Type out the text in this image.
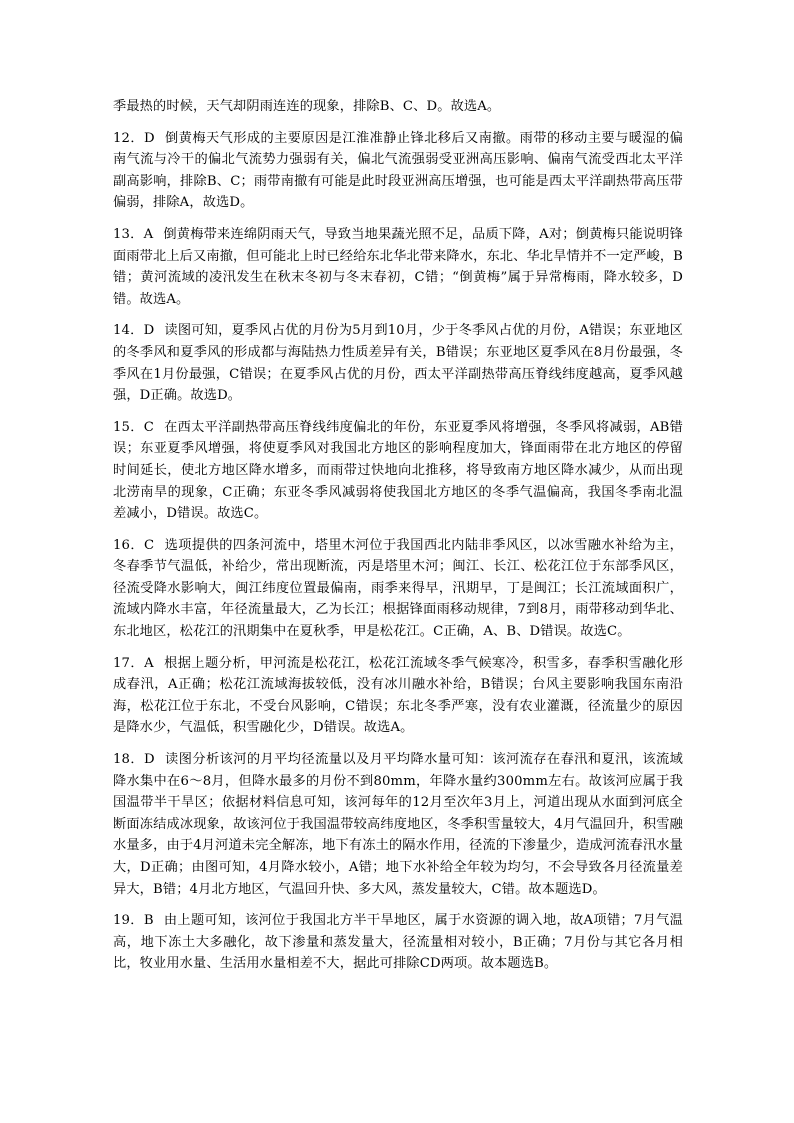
季最热的时候，天气却阴雨连连的现象，排除B、C、D。故选A。

12．D 倒黄梅天气形成的主要原因是江淮准静止锋北移后又南撤。雨带的移动主要与暖湿的偏南气流与冷干的偏北气流势力强弱有关，偏北气流强弱受亚洲高压影响、偏南气流受西北太平洋副高影响，排除B、C；雨带南撤有可能是此时段亚洲高压增强，也可能是西太平洋副热带高压带偏弱，排除A，故选D。

13．A 倒黄梅带来连绵阴雨天气，导致当地果蔬光照不足，品质下降，A对；倒黄梅只能说明锋面雨带北上后又南撤，但可能北上时已经给东北华北带来降水，东北、华北旱情并不一定严峻，B错；黄河流域的凌汛发生在秋末冬初与冬末春初，C错；“倒黄梅”属于异常梅雨，降水较多，D错。故选A。

14．D 读图可知，夏季风占优的月份为5月到10月，少于冬季风占优的月份，A错误；东亚地区的冬季风和夏季风的形成都与海陆热力性质差异有关，B错误；东亚地区夏季风在8月份最强，冬季风在1月份最强，C错误；在夏季风占优的月份，西太平洋副热带高压脊线纬度越高，夏季风越强，D正确。故选D。

15．C 在西太平洋副热带高压脊线纬度偏北的年份，东亚夏季风将增强，冬季风将减弱，AB错误；东亚夏季风增强，将使夏季风对我国北方地区的影响程度加大，锋面雨带在北方地区的停留时间延长，使北方地区降水增多，而雨带过快地向北推移，将导致南方地区降水减少，从而出现北涝南旱的现象，C正确；东亚冬季风减弱将使我国北方地区的冬季气温偏高，我国冬季南北温差减小，D错误。故选C。

16．C 选项提供的四条河流中，塔里木河位于我国西北内陆非季风区，以冰雪融水补给为主，冬春季节气温低，补给少，常出现断流，丙是塔里木河；闽江、长江、松花江位于东部季风区，径流受降水影响大，闽江纬度位置最偏南，雨季来得早，汛期早，丁是闽江；长江流域面积广，流域内降水丰富，年径流量最大，乙为长江；根据锋面雨移动规律，7到8月，雨带移动到华北、东北地区，松花江的汛期集中在夏秋季，甲是松花江。C正确，A、B、D错误。故选C。

17．A 根据上题分析，甲河流是松花江，松花江流域冬季气候寒冷，积雪多，春季积雪融化形成春汛，A正确；松花江流域海拔较低，没有冰川融水补给，B错误；台风主要影响我国东南沿海，松花江位于东北，不受台风影响，C错误；东北冬季严寒，没有农业灌溉，径流量少的原因是降水少，气温低，积雪融化少，D错误。故选A。

18．D 读图分析该河的月平均径流量以及月平均降水量可知：该河流存在春汛和夏汛，该流域降水集中在6～8月，但降水最多的月份不到80mm，年降水量约300mm左右。故该河应属于我国温带半干旱区；依据材料信息可知，该河每年的12月至次年3月上，河道出现从水面到河底全断面冻结成冰现象，故该河位于我国温带较高纬度地区，冬季积雪量较大，4月气温回升，积雪融水量多，由于4月河道未完全解冻，地下有冻土的隔水作用，径流的下渗量少，造成河流春汛水量大，D正确；由图可知，4月降水较小，A错；地下水补给全年较为均匀，不会导致各月径流量差异大，B错；4月北方地区，气温回升快、多大风，蒸发量较大，C错。故本题选D。

19．B 由上题可知，该河位于我国北方半干旱地区，属于水资源的调入地，故A项错；7月气温高，地下冻土大多融化，故下渗量和蒸发量大，径流量相对较小，B正确；7月份与其它各月相比，牧业用水量、生活用水量相差不大，据此可排除CD两项。故本题选B。
